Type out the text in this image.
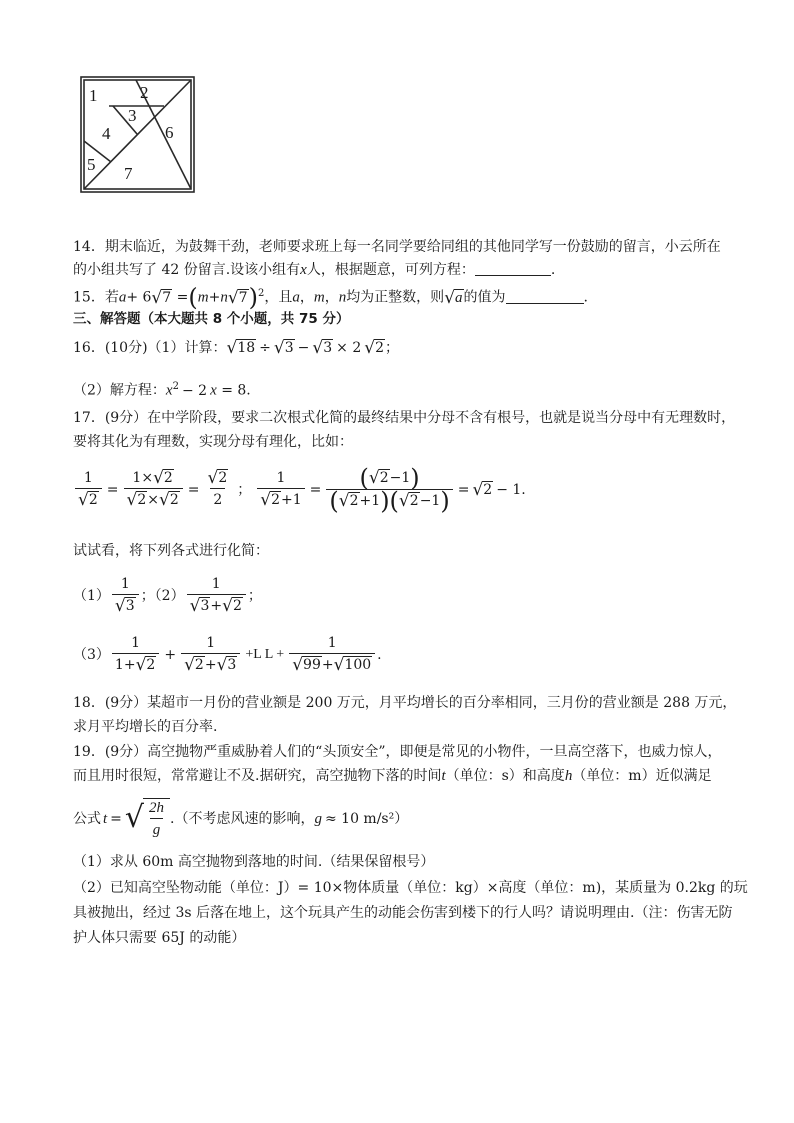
1	2
3
4
5
6
7
14．期末临近，为鼓舞干劲，老师要求班上每一名同学要给同组的其他同学写一份鼓励的留言，小云所在
的小组共写了 42 份留言.设该小组有x人，根据题意，可列方程：	.
15．若a+ 6 √ 7 =(m+n √ 7 )$^2$，且a，m，n均为正整数，则 √ a 的值为	.
三、解答题（本大题共 8 个小题，共 75 分）
16．(10分)（1）计算： √ 18 ÷ √ 3 − √ 3 × 2 √ 2 ；
（2）解方程：$x^2 - 2$ x = 8.
17．(9分）在中学阶段，要求二次根式化简的最终结果中分母不含有根号，也就是说当分母中有无理数时，
要将其化为有理数，实现分母有理化，比如：
$\frac{1}{√ 2} = \frac{1\times √ 2}{√ 2 \times √ 2} = \frac{√ 2}{2}$ ； $\frac{1}{√ 2 +1} = \frac{( √ 2 -1)}{( √ 2 +1)( √ 2 -1)}$ = √ 2 − 1.
试试看，将下列各式进行化简：
$(1) \frac{1}{√ 3}$ ；$(2) \frac{1}{√ 3 + √ 2}$ ；
$(3) \frac{1}{1+ √ 2} + \frac{1}{√ 2 + √ 3} +L$ $L + \frac{1}{√ 99 + √ 100}$ .
18．(9分）某超市一月份的营业额是 200 万元，月平均增长的百分率相同，三月份的营业额是 288 万元，
求月平均增长的百分率.
19．(9分）高空抛物严重威胁着人们的“头顶安全”，即便是常见的小物件，一旦高空落下，也威力惊人，
而且用时很短，常常避让不及.据研究，高空抛物下落的时间t（单位：s）和高度h（单位：m）近似满足
公式 t = √ $\frac{2h}{g}$ .（不考虑风速的影响， g ≈ 10 m/s²）
（1）求从 60m 高空抛物到落地的时间.（结果保留根号）
（2）已知高空坠物动能（单位：J）= 10×物体质量（单位：kg）×高度（单位：m)，某质量为 0.2kg 的玩
具被抛出，经过 3s 后落在地上，这个玩具产生的动能会伤害到楼下的行人吗？请说明理由.（注：伤害无防
护人体只需要 65J 的动能）
